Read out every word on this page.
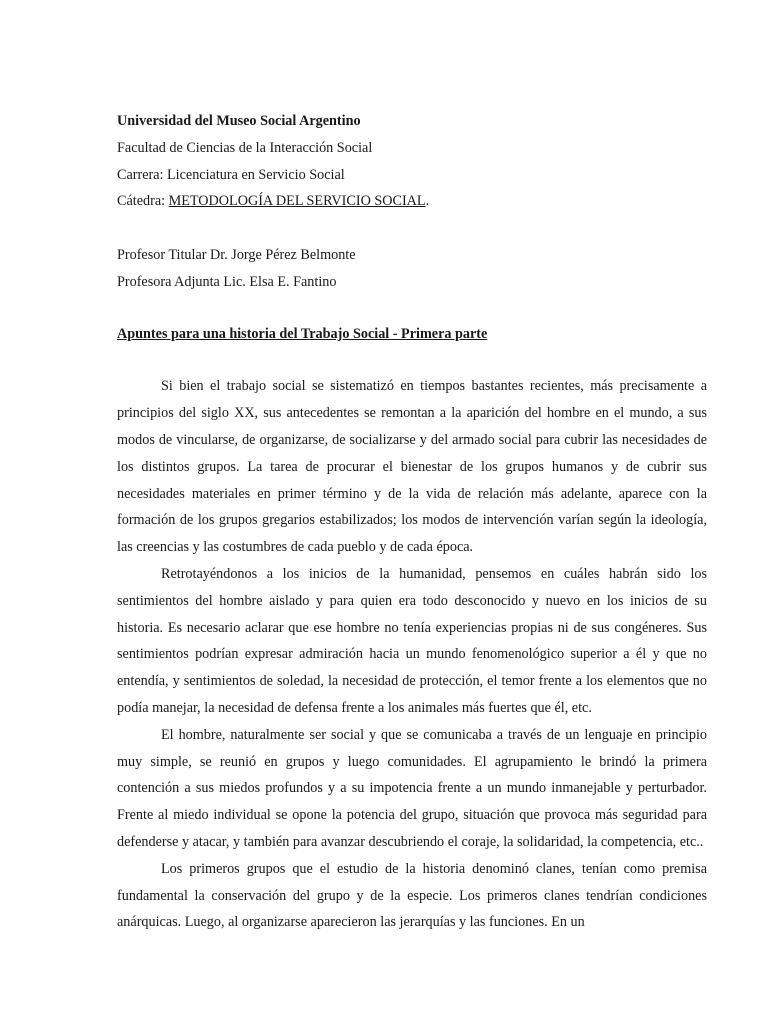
Universidad del Museo Social Argentino
Facultad de Ciencias de la Interacción Social
Carrera: Licenciatura en Servicio Social
Cátedra: METODOLOGÍA DEL SERVICIO SOCIAL.
Profesor Titular Dr. Jorge Pérez Belmonte
Profesora Adjunta Lic. Elsa E. Fantino
Apuntes para una historia del Trabajo Social - Primera parte

Si bien el trabajo social se sistematizó en tiempos bastantes recientes, más precisamente a principios del siglo XX, sus antecedentes se remontan a la aparición del hombre en el mundo, a sus modos de vincularse, de organizarse, de socializarse y del armado social para cubrir las necesidades de los distintos grupos. La tarea de procurar el bienestar de los grupos humanos y de cubrir sus necesidades materiales en primer término y de la vida de relación más adelante, aparece con la formación de los grupos gregarios estabilizados; los modos de intervención varían según la ideología, las creencias y las costumbres de cada pueblo y de cada época.

Retrotayéndonos a los inicios de la humanidad, pensemos en cuáles habrán sido los sentimientos del hombre aislado y para quien era todo desconocido y nuevo en los inicios de su historia. Es necesario aclarar que ese hombre no tenía experiencias propias ni de sus congéneres. Sus sentimientos podrían expresar admiración hacia un mundo fenomenológico superior a él y que no entendía, y sentimientos de soledad, la necesidad de protección, el temor frente a los elementos que no podía manejar, la necesidad de defensa frente a los animales más fuertes que él, etc.

El hombre, naturalmente ser social y que se comunicaba a través de un lenguaje en principio muy simple, se reunió en grupos y luego comunidades. El agrupamiento le brindó la primera contención a sus miedos profundos y a su impotencia frente a un mundo inmanejable y perturbador. Frente al miedo individual se opone la potencia del grupo, situación que provoca más seguridad para defenderse y atacar, y también para avanzar descubriendo el coraje, la solidaridad, la competencia, etc..

Los primeros grupos que el estudio de la historia denominó clanes, tenían como premisa fundamental la conservación del grupo y de la especie. Los primeros clanes tendrían condiciones anárquicas. Luego, al organizarse aparecieron las jerarquías y las funciones. En un
